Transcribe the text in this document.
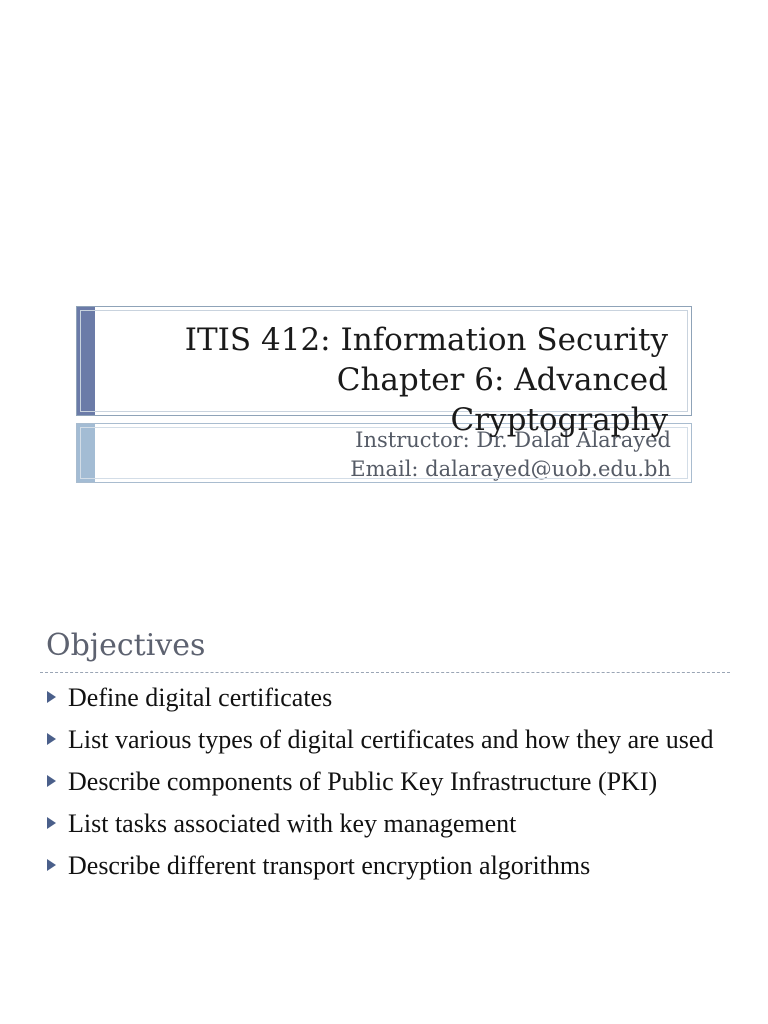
ITIS 412: Information Security
Chapter 6: Advanced
Cryptography
Instructor: Dr. Dalal Alarayed
Email: dalarayed@uob.edu.bh
Objectives
Define digital certificates
List various types of digital certificates and how they are used
Describe components of Public Key Infrastructure (PKI)
List tasks associated with key management
Describe different transport encryption algorithms
